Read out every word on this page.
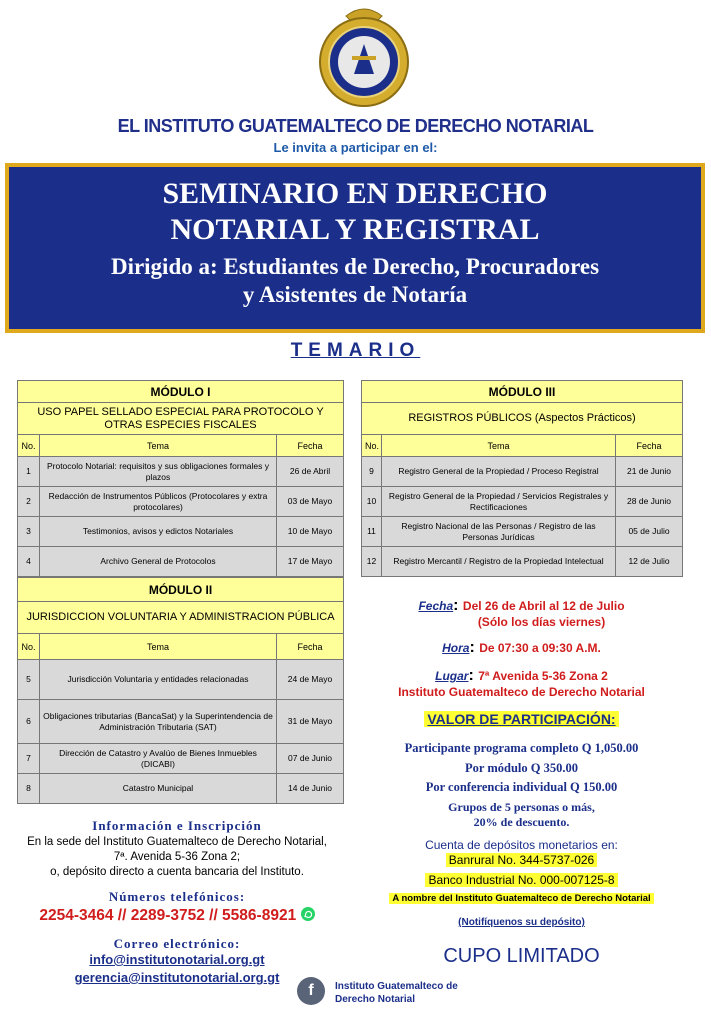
EL INSTITUTO GUATEMALTECO DE DERECHO NOTARIAL
Le invita a participar en el:
SEMINARIO EN DERECHO
NOTARIAL Y REGISTRAL
Dirigido a: Estudiantes de Derecho, Procuradores
y Asistentes de Notaría
TEMARIO
MÓDULO I		
USO PAPEL SELLADO ESPECIAL PARA PROTOCOLO Y OTRAS ESPECIES FISCALES		
No.	Tema	Fecha
1	Protocolo Notarial: requisitos y sus obligaciones formales y plazos	26 de Abril
2	Redacción de Instrumentos Públicos (Protocolares y extra protocolares)	03 de Mayo
3	Testimonios, avisos y edictos Notariales	10 de Mayo
4	Archivo General de Protocolos	17 de Mayo
MÓDULO II		
JURISDICCION VOLUNTARIA Y ADMINISTRACION PÚBLICA		
No.	Tema	Fecha
5	Jurisdicción Voluntaria y entidades relacionadas	24 de Mayo
6	Obligaciones tributarias (BancaSat) y la Superintendencia de Administración Tributaria (SAT)	31 de Mayo
7	Dirección de Catastro y Avalúo de Bienes Inmuebles (DICABI)	07 de Junio
8	Catastro Municipal	14 de Junio
MÓDULO III		
REGISTROS PÚBLICOS (Aspectos Prácticos)		
No.	Tema	Fecha
9	Registro General de la Propiedad / Proceso Registral	21 de Junio
10	Registro General de la Propiedad / Servicios Registrales y Rectificaciones	28 de Junio
11	Registro Nacional de las Personas / Registro de las Personas Jurídicas	05 de Julio
12	Registro Mercantil / Registro de la Propiedad Intelectual	12 de Julio
Fecha: Del 26 de Abril al 12 de Julio
(Sólo los días viernes)
Hora: De 07:30 a 09:30 A.M.
Lugar: 7ª Avenida 5-36 Zona 2
Instituto Guatemalteco de Derecho Notarial
VALOR DE PARTICIPACIÓN:
Participante programa completo Q 1,050.00
Por módulo Q 350.00
Por conferencia individual Q 150.00
Grupos de 5 personas o más,
20% de descuento.
Cuenta de depósitos monetarios en:
Banrural No. 344-5737-026
Banco Industrial No. 000-007125-8
A nombre del Instituto Guatemalteco de Derecho Notarial
(Notifíquenos su depósito)
CUPO LIMITADO
Información e Inscripción
En la sede del Instituto Guatemalteco de Derecho Notarial,
7ª. Avenida 5-36 Zona 2;
o, depósito directo a cuenta bancaria del Instituto.
Números telefónicos:
2254-3464 // 2289-3752 // 5586-8921
Correo electrónico:
info@institutonotarial.org.gt
gerencia@institutonotarial.org.gt
f	Instituto Guatemalteco de
Derecho Notarial
